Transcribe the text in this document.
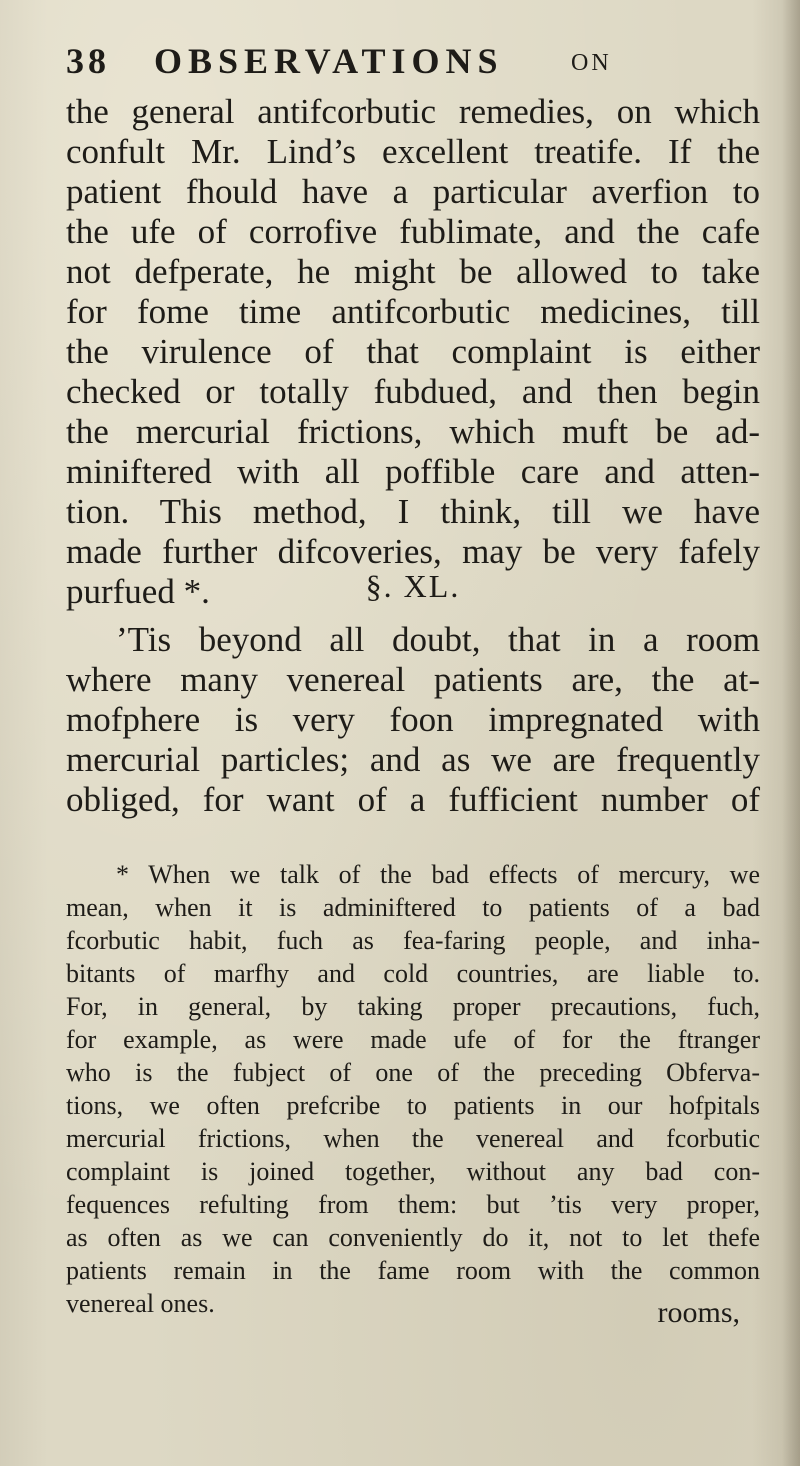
38 OBSERVATIONS	ON
the general antifcorbutic remedies, on which
confult Mr. Lind’s excellent treatife. If the
patient fhould have a particular averfion to
the ufe of corrofive fublimate, and the cafe
not defperate, he might be allowed to take
for fome time antifcorbutic medicines, till
the virulence of that complaint is either
checked or totally fubdued, and then begin
the mercurial frictions, which muft be ad-
miniftered with all poffible care and atten-
tion. This method, I think, till we have
made further difcoveries, may be very fafely
purfued *.	§. XL.
’Tis beyond all doubt, that in a room
where many venereal patients are, the at-
mofphere is very foon impregnated with
mercurial particles; and as we are frequently
obliged, for want of a fufficient number of
* When we talk of the bad effects of mercury, we
mean, when it is adminiftered to patients of a bad
fcorbutic habit, fuch as fea-faring people, and inha-
bitants of marfhy and cold countries, are liable to.
For, in general, by taking proper precautions, fuch,
for example, as were made ufe of for the ftranger
who is the fubject of one of the preceding Obferva-
tions, we often prefcribe to patients in our hofpitals
mercurial frictions, when the venereal and fcorbutic
complaint is joined together, without any bad con-
fequences refulting from them: but ’tis very proper,
as often as we can conveniently do it, not to let thefe
patients remain in the fame room with the common
venereal ones.	rooms,
